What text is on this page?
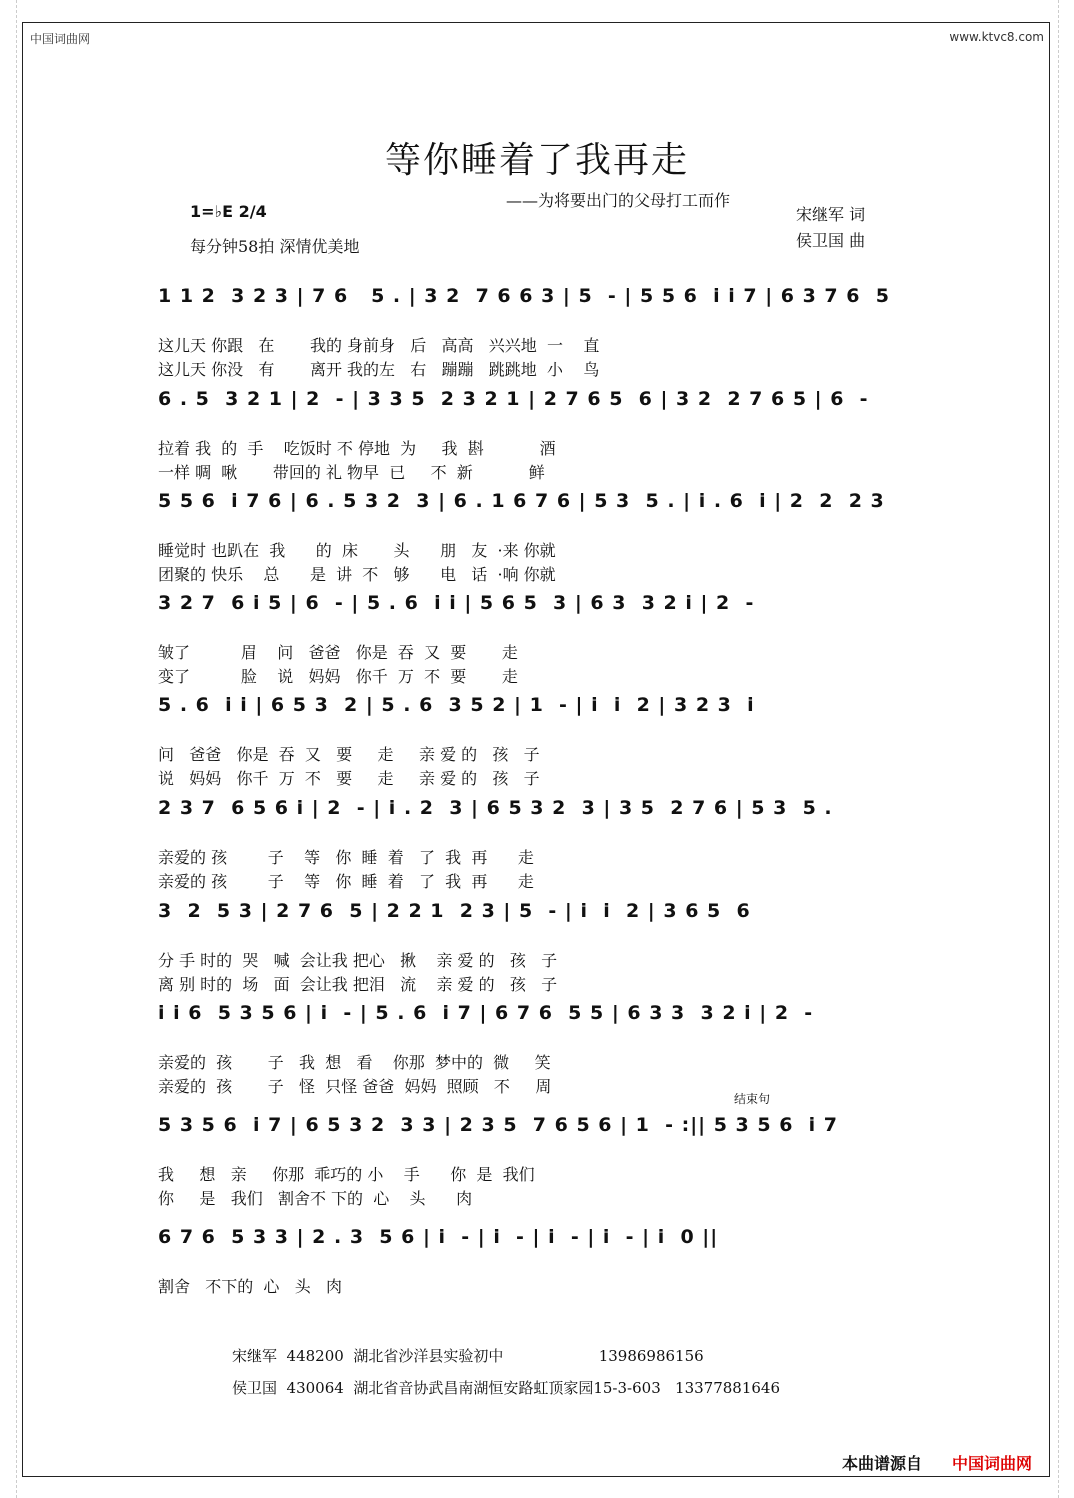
中国词曲网	www.ktvc8.com
等你睡着了我再走
——为将要出门的父母打工而作
1=♭E 2/4
每分钟58拍 深情优美地
宋继军 词
侯卫国 曲
1 1 2  3 2 3 | 7 6   5 . | 3 2  7 6 6 3 | 5  - | 5 5 6  i i 7 | 6 3 7 6  5
这儿天 你跟   在       我的 身前身   后   高高   兴兴地  一    直
这儿天 你没   有       离开 我的左   右   蹦蹦   跳跳地  小    鸟
6 . 5  3 2 1 | 2  - | 3 3 5  2 3 2 1 | 2 7 6 5  6 | 3 2  2 7 6 5 | 6  -
拉着 我  的  手    吃饭时 不 停地  为     我  斟           酒
一样 啁  啾       带回的 礼 物早  已     不  新           鲜
5 5 6  i 7 6 | 6 . 5 3 2  3 | 6 . 1 6 7 6 | 5 3  5 . | i . 6  i | 2  2  2 3
睡觉时 也趴在  我      的  床       头      朋   友  ·来 你就
团聚的 快乐    总      是  讲  不   够      电   话  ·响 你就
3 2 7  6 i 5 | 6  - | 5 . 6  i i | 5 6 5  3 | 6 3  3 2 i | 2  -
皱了          眉    问   爸爸   你是  吞  又  要       走
变了          脸    说   妈妈   你千  万  不  要       走
5 . 6  i i | 6 5 3  2 | 5 . 6  3 5 2 | 1  - | i  i  2 | 3 2 3  i
问   爸爸   你是  吞  又   要     走     亲 爱 的   孩   子
说   妈妈   你千  万  不   要     走     亲 爱 的   孩   子
2 3 7  6 5 6 i | 2  - | i . 2  3 | 6 5 3 2  3 | 3 5  2 7 6 | 5 3  5 .
亲爱的 孩        子    等   你  睡  着   了  我  再      走
亲爱的 孩        子    等   你  睡  着   了  我  再      走
3  2  5 3 | 2 7 6  5 | 2 2 1  2 3 | 5  - | i  i  2 | 3 6 5  6
分 手 时的  哭   喊  会让我 把心   揪    亲 爱 的   孩   子
离 别 时的  场   面  会让我 把泪   流    亲 爱 的   孩   子
i i 6  5 3 5 6 | i  - | 5 . 6  i 7 | 6 7 6  5 5 | 6 3 3  3 2 i | 2  -
亲爱的  孩       子   我  想   看    你那  梦中的  微     笑
亲爱的  孩       子   怪  只怪 爸爸  妈妈  照顾   不     周
5 3 5 6  i 7 | 6 5 3 2  3 3 | 2 3 5  7 6 5 6 | 1  - :|| 5 3 5 6  i 7
我     想   亲     你那  乖巧的 小    手      你  是  我们
你     是   我们   割舍不 下的  心    头      肉
6 7 6  5 3 3 | 2 . 3  5 6 | i  - | i  - | i  - | i  - | i  0 ||
割舍   不下的  心   头   肉
结束句
宋继军  448200  湖北省沙洋县实验初中                    13986986156
侯卫国  430064  湖北省音协武昌南湖恒安路虹顶家园15-3-603   13377881646
本曲谱源自 中国词曲网
